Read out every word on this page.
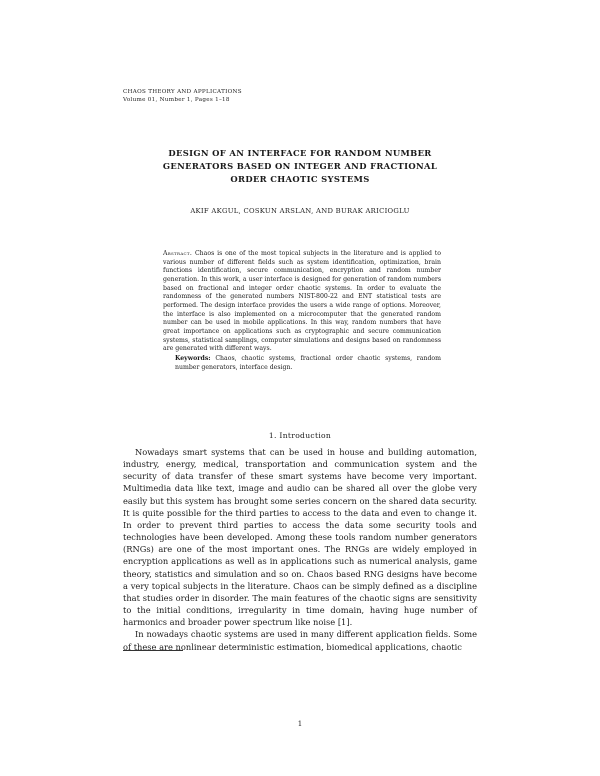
CHAOS THEORY AND APPLICATIONS
Volume 01, Number 1, Pages 1–18
DESIGN OF AN INTERFACE FOR RANDOM NUMBER
GENERATORS BASED ON INTEGER AND FRACTIONAL
ORDER CHAOTIC SYSTEMS
AKIF AKGUL, COSKUN ARSLAN, AND BURAK ARICIOGLU
Abstract. Chaos is one of the most topical subjects in the literature and is applied to various number of different fields such as system identification, optimization, brain functions identification, secure communication, encryption and random number generation. In this work, a user interface is designed for generation of random numbers based on fractional and integer order chaotic systems. In order to evaluate the randomness of the generated numbers NIST-800-22 and ENT statistical tests are performed. The design interface provides the users a wide range of options. Moreover, the interface is also implemented on a microcomputer that the generated random number can be used in mobile applications. In this way, random numbers that have great importance on applications such as cryptographic and secure communication systems, statistical samplings, computer simulations and designs based on randomness are generated with different ways.
Keywords: Chaos, chaotic systems, fractional order chaotic systems, random number generators, interface design.
1. Introduction

Nowadays smart systems that can be used in house and building automation, industry, energy, medical, transportation and communication system and the security of data transfer of these smart systems have become very important. Multimedia data like text, image and audio can be shared all over the globe very easily but this system has brought some series concern on the shared data security. It is quite possible for the third parties to access to the data and even to change it. In order to prevent third parties to access the data some security tools and technologies have been developed. Among these tools random number generators (RNGs) are one of the most important ones. The RNGs are widely employed in encryption applications as well as in applications such as numerical analysis, game theory, statistics and simulation and so on. Chaos based RNG designs have become a very topical subjects in the literature. Chaos can be simply defined as a discipline that studies order in disorder. The main features of the chaotic signs are sensitivity to the initial conditions, irregularity in time domain, having huge number of harmonics and broader power spectrum like noise [1].

In nowadays chaotic systems are used in many different application fields. Some of these are nonlinear deterministic estimation, biomedical applications, chaotic

1
